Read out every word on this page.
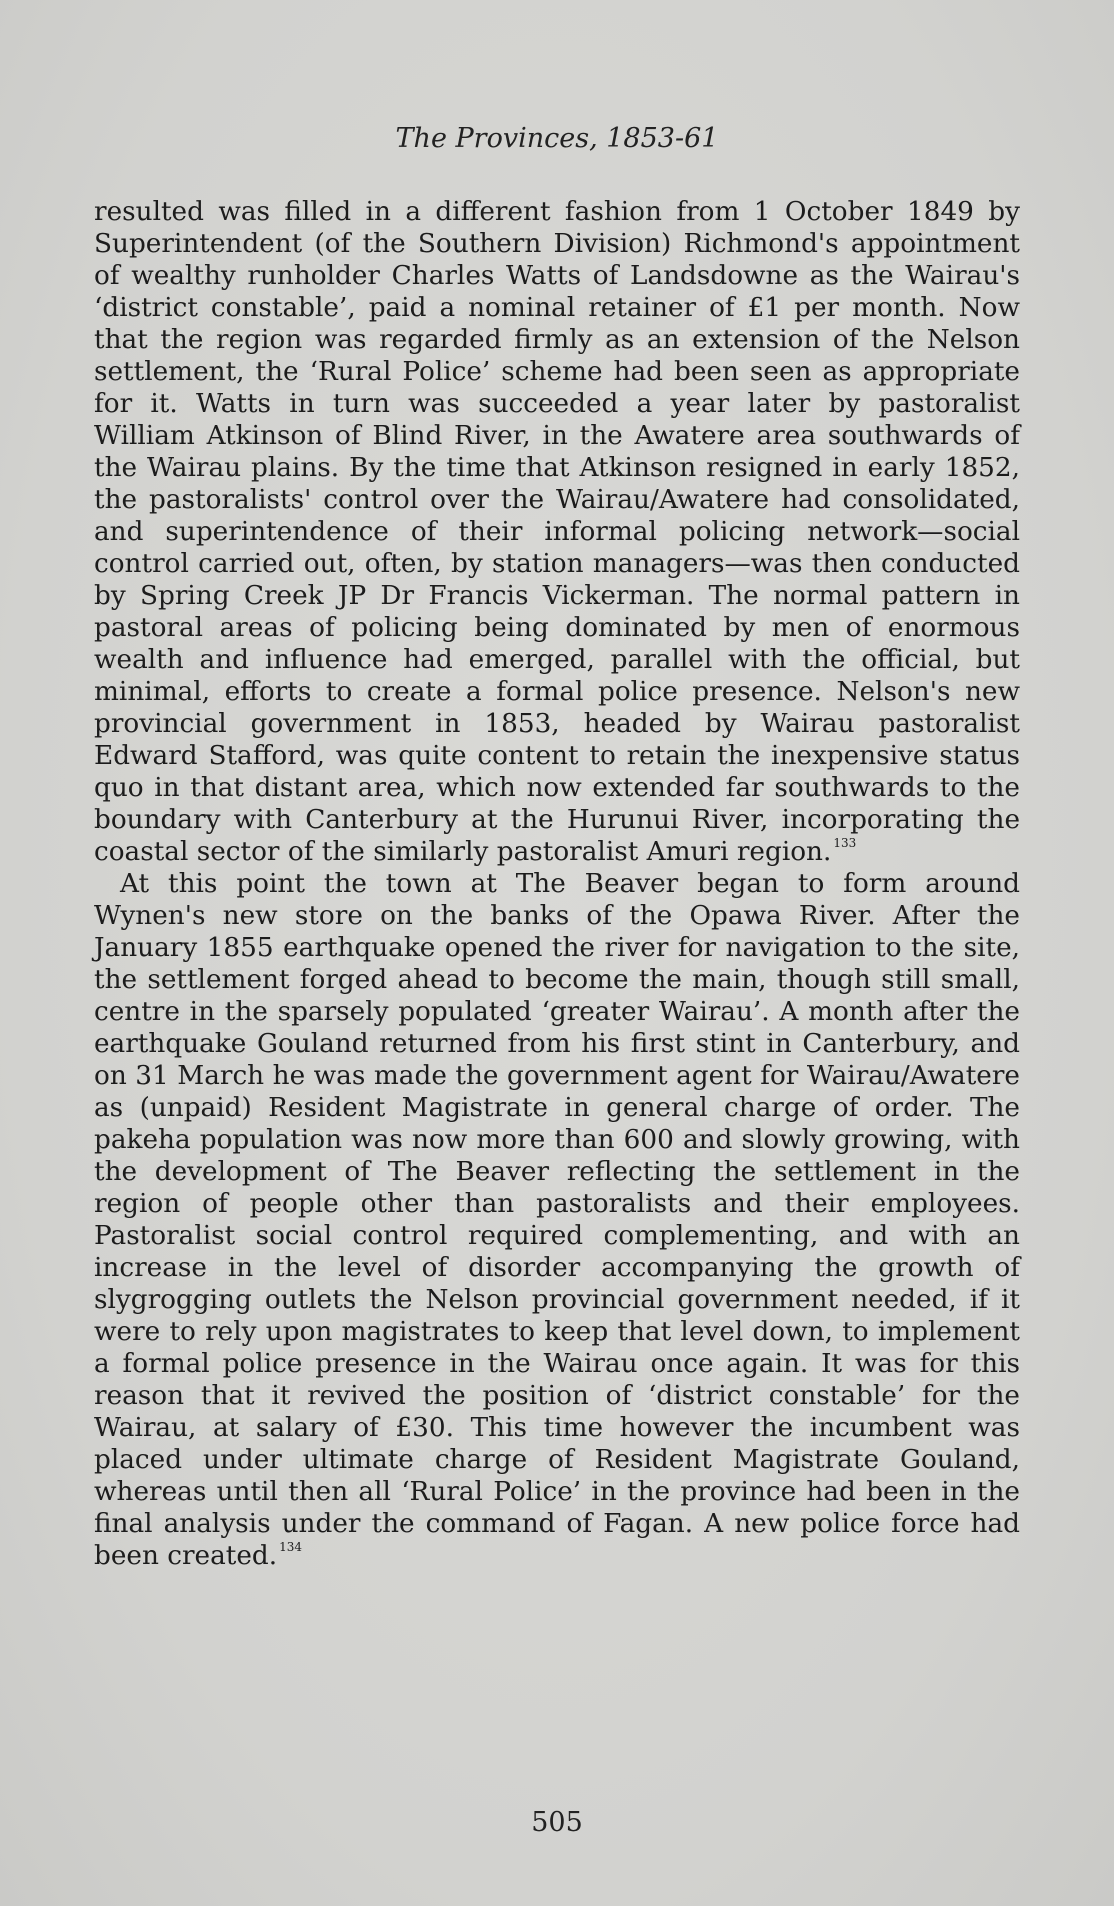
The Provinces, 1853-61

resulted was filled in a different fashion from 1 October 1849 by Superintendent (of the Southern Division) Richmond's appointment of wealthy runholder Charles Watts of Landsdowne as the Wairau's ‘district constable’, paid a nominal retainer of £1 per month. Now that the region was regarded firmly as an extension of the Nelson settlement, the ‘Rural Police’ scheme had been seen as appropriate for it. Watts in turn was succeeded a year later by pastoralist William Atkinson of Blind River, in the Awatere area southwards of the Wairau plains. By the time that Atkinson resigned in early 1852, the pastoralists' control over the Wairau/Awatere had consolidated, and superintendence of their informal policing network—social control carried out, often, by station managers—was then conducted by Spring Creek JP Dr Francis Vickerman. The normal pattern in pastoral areas of policing being dominated by men of enormous wealth and influence had emerged, parallel with the official, but minimal, efforts to create a formal police presence. Nelson's new provincial government in 1853, headed by Wairau pastoralist Edward Stafford, was quite content to retain the inexpensive status quo in that distant area, which now extended far southwards to the boundary with Canterbury at the Hurunui River, incorporating the coastal sector of the similarly pastoralist Amuri region. $^{133}$

At this point the town at The Beaver began to form around Wynen's new store on the banks of the Opawa River. After the January 1855 earthquake opened the river for navigation to the site, the settlement forged ahead to become the main, though still small, centre in the sparsely populated ‘greater Wairau’. A month after the earthquake Gouland returned from his first stint in Canterbury, and on 31 March he was made the government agent for Wairau/Awatere as (unpaid) Resident Magistrate in general charge of order. The pakeha population was now more than 600 and slowly growing, with the development of The Beaver reflecting the settlement in the region of people other than pastoralists and their employees. Pastoralist social control required complementing, and with an increase in the level of disorder accompanying the growth of slygrogging outlets the Nelson provincial government needed, if it were to rely upon magistrates to keep that level down, to implement a formal police presence in the Wairau once again. It was for this reason that it revived the position of ‘district constable’ for the Wairau, at salary of £30. This time however the incumbent was placed under ultimate charge of Resident Magistrate Gouland, whereas until then all ‘Rural Police’ in the province had been in the final analysis under the command of Fagan. A new police force had been created. $^{134}$

505
